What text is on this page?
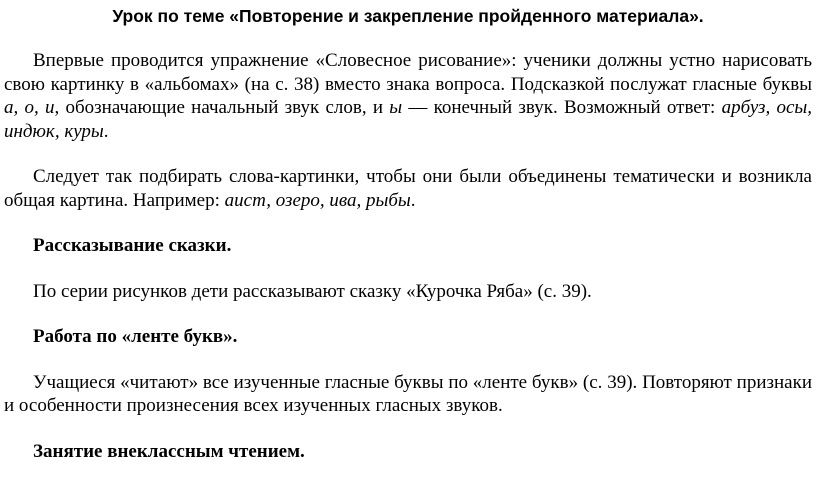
Урок по теме «Повторение и закрепление пройденного материала».

Впервые проводится упражнение «Словесное рисование»: ученики должны устно нарисовать свою картинку в «альбомах» (на с. 38) вместо знака вопроса. Подсказкой послужат гласные буквы а, о, и, обозначающие начальный звук слов, и ы — конечный звук. Возможный ответ: арбуз, осы, индюк, куры.

Следует так подбирать слова-картинки, чтобы они были объединены тематически и возникла общая картина. Например: аист, озеро, ива, рыбы.

Рассказывание сказки.

По серии рисунков дети рассказывают сказку «Курочка Ряба» (с. 39).

Работа по «ленте букв».

Учащиеся «читают» все изученные гласные буквы по «ленте букв» (с. 39). Повторяют признаки и особенности произнесения всех изученных гласных звуков.

Занятие внеклассным чтением.
